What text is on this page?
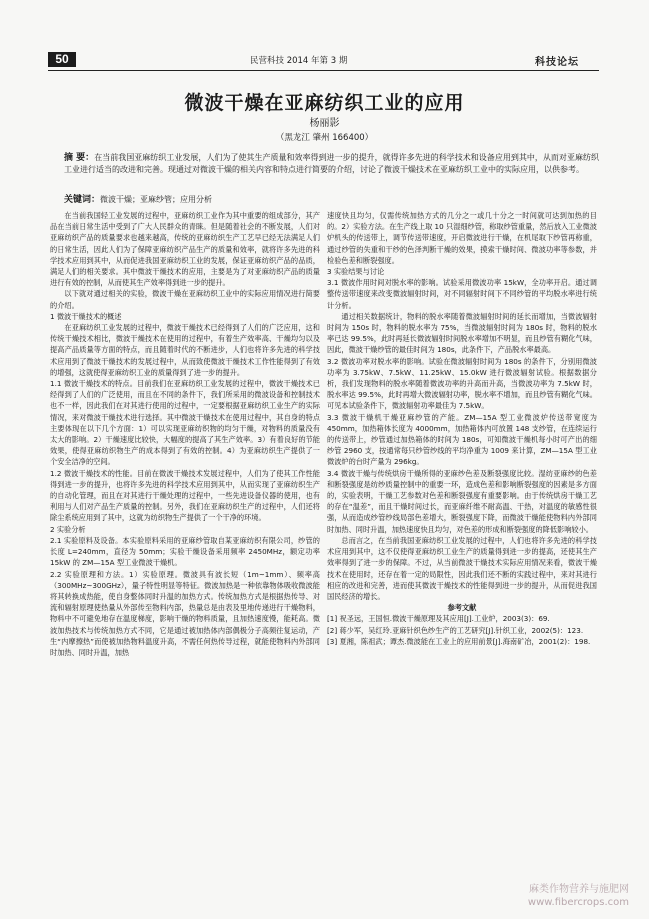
50	民营科技 2014 年第 3 期	科技论坛
微波干燥在亚麻纺织工业的应用
杨丽影
（黑龙江 肇州 166400）
摘 要：在当前我国亚麻纺织工业发展，人们为了使其生产质量和效率得到进一步的提升，就得许多先进的科学技术和设备应用到其中，从而对亚麻纺织工业进行适当的改进和完善。现通过对微波干燥的相关内容和特点进行简要的介绍，讨论了微波干燥技术在亚麻纺织工业中的实际应用，以供参考。
关键词：微波干燥；亚麻纱管；应用分析

在当前我国轻工业发展的过程中，亚麻纺织工业作为其中重要的组成部分，其产品在当前日常生活中受到了广大人民群众的青睐。但是随着社会的不断发展，人们对亚麻纺织产品的质量要求也越来越高，传统的亚麻纺织生产工艺早已经无法满足人们的日常生活，因此人们为了保障亚麻纺织产品生产的质量和效率，就将许多先进的科学技术应用到其中，从而促进我国亚麻纺织工业的发展，保证亚麻纺织产品的品质，满足人们的相关要求。其中微波干燥技术的应用，主要是为了对亚麻纺织产品的质量进行有效的控制，从而使其生产效率得到进一步的提升。

以下就对通过相关的实验，微波干燥在亚麻纺织工业中的实际应用情况进行简要的介绍。

1 微波干燥技术的概述

在亚麻纺织工业发展的过程中，微波干燥技术已经得到了人们的广泛应用，这和传统干燥技术相比，微波干燥技术在使用的过程中，有着生产效率高、干燥均匀以及提高产品质量等方面的特点，而且随着时代的不断进步，人们也将许多先进的科学技术应用到了微波干燥技术的发展过程中，从而致使微波干燥技术工作性能得到了有效的增强，这就使得亚麻纺织工业的质量得到了进一步的提升。

1.1 微波干燥技术的特点。目前我们在亚麻纺织工业发展的过程中，微波干燥技术已经得到了人们的广泛使用，而且在不同的条件下，我们所采用的微波设备和控制技术也不一样，因此我们在对其进行使用的过程中，一定要根据亚麻纺织工业生产的实际情况，来对微波干燥技术进行选择。其中微波干燥技术在使用过程中，其自身的特点主要体现在以下几个方面：1）可以实现亚麻纺织物的均匀干燥，对物料的质量没有太大的影响。2）干燥速度比较快，大幅度的提高了其生产效率。3）有着良好的节能效果，使得亚麻纺织物生产的成本得到了有效的控制。4）为亚麻纺织生产提供了一个安全洁净的空间。

1.2 微波干燥技术的性能。目前在微波干燥技术发展过程中，人们为了使其工作性能得到进一步的提升，也将许多先进的科学技术应用到其中，从而实现了亚麻纺织生产的自动化管理，而且在对其进行干燥处理的过程中，一些先进设备仪器的使用，也有利用与人们对产品生产质量的控制。另外，我们在亚麻纺织生产的过程中，人们还将除尘系统应用到了其中，这就为纺织物生产提供了一个干净的环境。

2 实验分析

2.1 实验原料及设备。本实验原料采用的亚麻纱管取自某亚麻纺织有限公司，纱管的长度 L=240mm，直径为 50mm；实验干燥设备采用频率 2450MHz，额定功率 15kW 的 ZM—15A 型工业微波干燥机。

2.2 实验原理和方法。1）实验原理。微波具有波长短（1m~1mm）、频率高（300MHz~300GHz），量子特性明显等特征。微波加热是一种依靠物体吸收微波能将其转换成热能，使自身整体同时升温的加热方式。传统加热方式是根据热传导、对流和辐射原理使热量从外部传至物料内部，热量总是由表及里地传递进行干燥物料，物料中不可避免地存在温度梯度，影响干燥的物料质量，且加热速度慢，能耗高。微波加热技术与传统加热方式不同，它是通过被加热体内部偶极分子高频往复运动，产生“内摩擦热”而使被加热物料温度升高，不需任何热传导过程，就能使物料内外部同时加热、同时升温，加热

速度快且均匀，仅需传统加热方式的几分之一或几十分之一时间就可达到加热的目的。2）实验方法。在生产线上取 10 只湿细纱管，称取纱管重量，然后放入工业微波炉机头的传送带上，调节传送带速度，开启微波进行干燥，在机尾取下纱管再称重，通过纱管的失重和干纱的色泽判断干燥的效果，摸索干燥时间、微波功率等参数，并检验色差和断裂强度。

3 实验结果与讨论

3.1 微波作用时间对脱水率的影响。试验采用微波功率 15kW，全功率开启。通过调整传送带速度来改变微波辐射时间，对不同辐射时间下不同纱管的平均脱水率进行统计分析。

通过相关数据统计，物料的脱水率随着微波辐射时间的延长而增加，当微波辐射时间为 150s 时，物料的脱水率为 75%，当微波辐射时间为 180s 时，物料的脱水率已达 99.5%，此时再延长微波辐射时间脱水率增加不明显，而且纱管有糊化气味，因此，微波干燥纱管的最佳时间为 180s，此条件下，产品脱水率最高。

3.2 微波功率对脱水率的影响。试验在微波辐射时间为 180s 的条件下，分别用微波功率为 3.75kW、7.5kW、11.25kW、15.0kW 进行微波辐射试验。根据数据分析，我们发现物料的脱水率随着微波功率的升高而升高，当微波功率为 7.5kW 时，脱水率达 99.5%，此时再增大微波辐射功率，脱水率不增加，而且纱管有糊化气味。可见本试验条件下，微波辐射功率最佳为 7.5kW。

3.3 微波干燥机干燥亚麻纱管的产能。ZM—15A 型工业微波炉传送带宽度为 450mm，加热箱体长度为 4000mm，加热箱体内可放置 148 支纱管，在连续运行的传送带上，纱管通过加热箱体的时间为 180s，可知微波干燥机每小时可产出的细纱管 2960 支，按通常每只纱管纱线的平均净重为 1009 来计算，ZM—15A 型工业微波炉的台时产量为 296kg。

3.4 微波干燥与传统烘房干燥所得的亚麻纱色差及断裂强度比较。湿纺亚麻纱的色差和断裂强度是纺纱质量控制中的重要一环，造成色差和影响断裂强度的因素是多方面的，实验表明，干燥工艺参数对色差和断裂强度有重要影响。由于传统烘房干燥工艺的存在“温差”，而且干燥时间过长，而亚麻纤维不耐高温、干热，对温度的敏感性很强，从而造成纱管纱线局部色差增大，断裂强度下降，而微波干燥能使物料内外部同时加热、同时升温，加热速度快且均匀，对色差的形成和断裂强度的降低影响较小。

总而言之，在当前我国亚麻纺织工业发展的过程中，人们也将许多先进的科学技术应用到其中，这不仅使得亚麻纺织工业生产的质量得到进一步的提高，还使其生产效率得到了进一步的保障。不过，从当前微波干燥技术实际应用情况来看，微波干燥技术在使用时，还存在着一定的局限性，因此我们还不断的实践过程中，来对其进行相应的改进和完善，进而使其微波干燥技术的性能得到进一步的提升，从而促进我国国民经济的增长。

参考文献

[1] 祝圣远，王国恒.微波干燥原理及其应用[J].工业炉，2003(3)：69.

[2] 蒋少军，吴红玲.亚麻针织色纱生产的工艺研究[J].针织工业，2002(5)：123.

[3] 夏湘，陈祖武；谭杰.微波能在工业上的应用前景[J].海南矿冶，2001(2)：198.

麻类作物营养与施肥网
www.fibercrops.com
